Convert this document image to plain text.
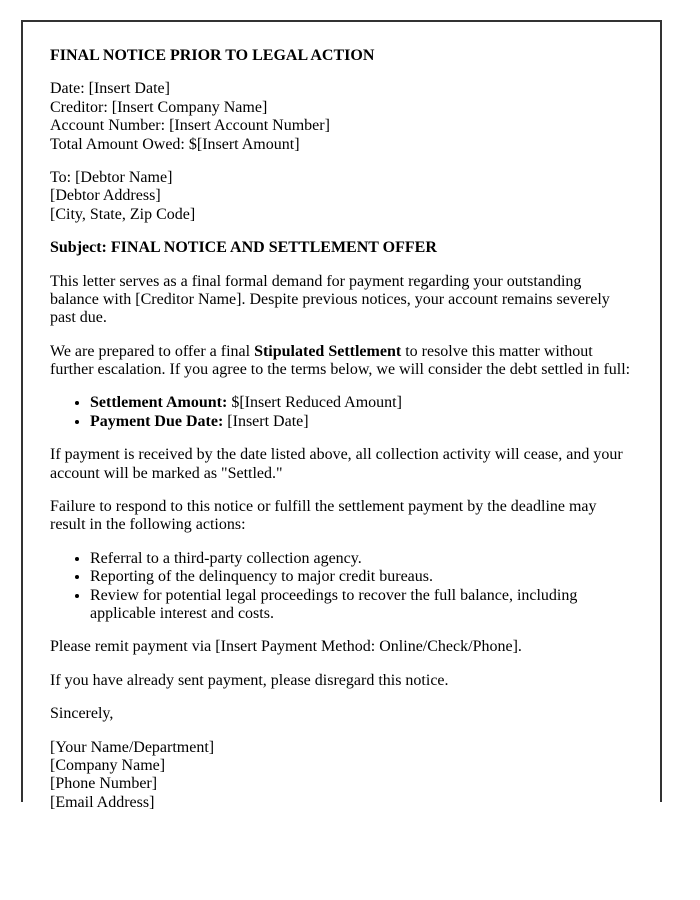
FINAL NOTICE PRIOR TO LEGAL ACTION

Date: [Insert Date]
Creditor: [Insert Company Name]
Account Number: [Insert Account Number]
Total Amount Owed: $[Insert Amount]
To: [Debtor Name]
[Debtor Address]
[City, State, Zip Code]

Subject: FINAL NOTICE AND SETTLEMENT OFFER

This letter serves as a final formal demand for payment regarding your outstanding balance with [Creditor Name]. Despite previous notices, your account remains severely past due.

We are prepared to offer a final Stipulated Settlement to resolve this matter without further escalation. If you agree to the terms below, we will consider the debt settled in full:

• Settlement Amount: $[Insert Reduced Amount]
• Payment Due Date: [Insert Date]

If payment is received by the date listed above, all collection activity will cease, and your account will be marked as "Settled."

Failure to respond to this notice or fulfill the settlement payment by the deadline may result in the following actions:

• Referral to a third-party collection agency.
• Reporting of the delinquency to major credit bureaus.
• Review for potential legal proceedings to recover the full balance, including applicable interest and costs.

Please remit payment via [Insert Payment Method: Online/Check/Phone].

If you have already sent payment, please disregard this notice.

Sincerely,

[Your Name/Department]
[Company Name]
[Phone Number]
[Email Address]
